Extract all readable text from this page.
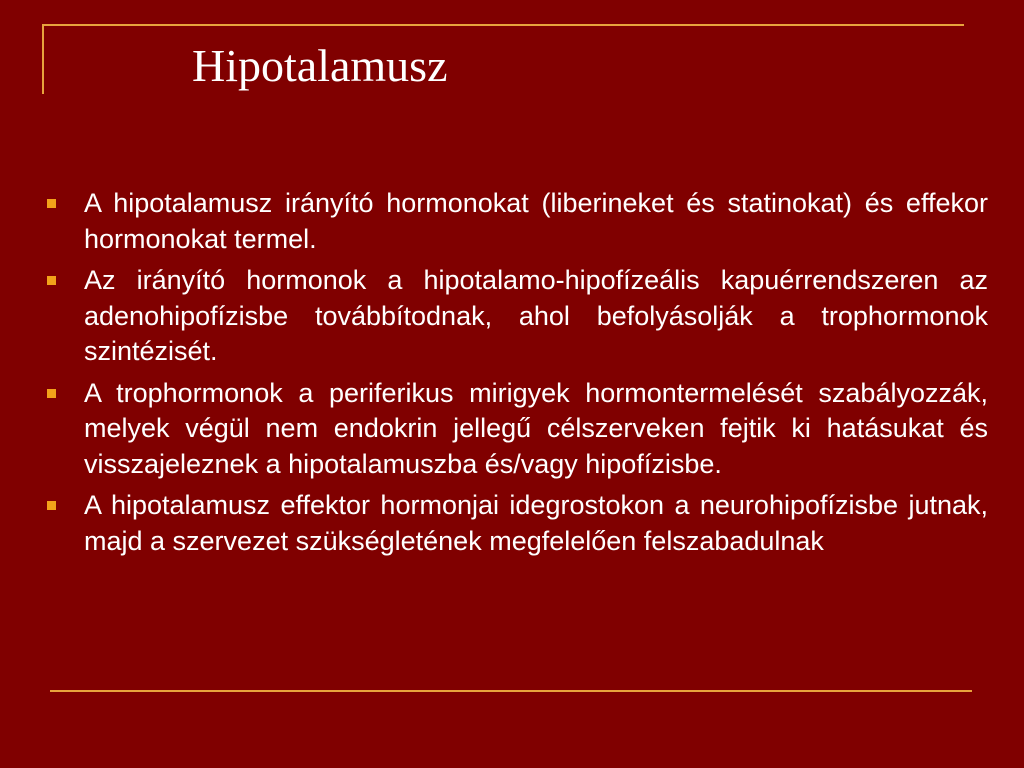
Hipotalamusz
A hipotalamusz irányító hormonokat (liberineket és statinokat) és effekor hormonokat termel.
Az irányító hormonok a hipotalamo-hipofízeális kapuérrendszeren az adenohipofízisbe továbbítodnak, ahol befolyásolják a trophormonok szintézisét.
A trophormonok a periferikus mirigyek hormontermelését szabályozzák, melyek végül nem endokrin jellegű célszerveken fejtik ki hatásukat és visszajeleznek a hipotalamuszba és/vagy hipofízisbe.
A hipotalamusz effektor hormonjai idegrostokon a neurohipofízisbe jutnak, majd a szervezet szükségletének megfelelően felszabadulnak
